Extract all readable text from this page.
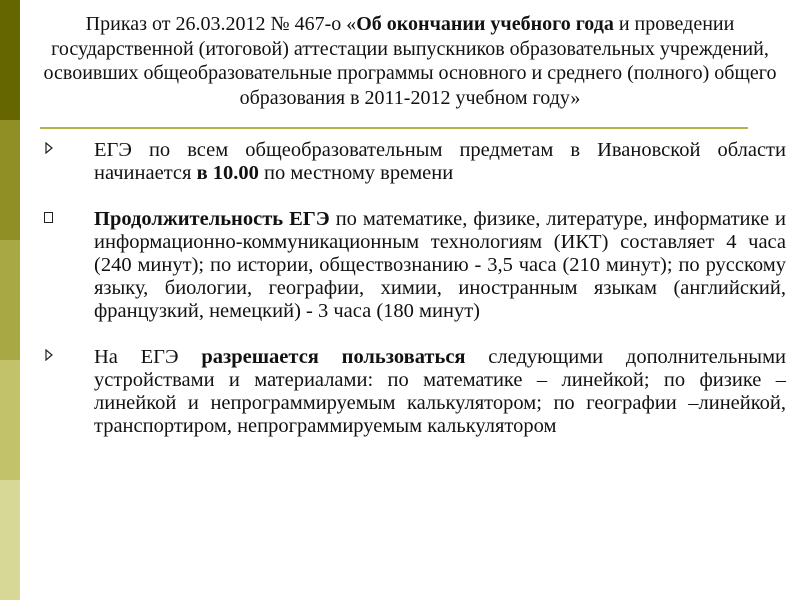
Приказ от 26.03.2012 № 467-о «Об окончании учебного года и проведении государственной (итоговой) аттестации выпускников образовательных учреждений, освоивших общеобразовательные программы основного и среднего (полного) общего образования в 2011-2012 учебном году»
ЕГЭ по всем общеобразовательным предметам в Ивановской области начинается в 10.00 по местному времени
Продолжительность ЕГЭ по математике, физике, литературе, информатике и информационно-коммуникационным технологиям (ИКТ) составляет 4 часа (240 минут); по истории, обществознанию - 3,5 часа (210 минут); по русскому языку, биологии, географии, химии, иностранным языкам (английский, французкий, немецкий) - 3 часа (180 минут)
На ЕГЭ разрешается пользоваться следующими дополнительными устройствами и материалами: по математике – линейкой; по физике – линейкой и непрограммируемым калькулятором; по географии –линейкой, транспортиром, непрограммируемым калькулятором
